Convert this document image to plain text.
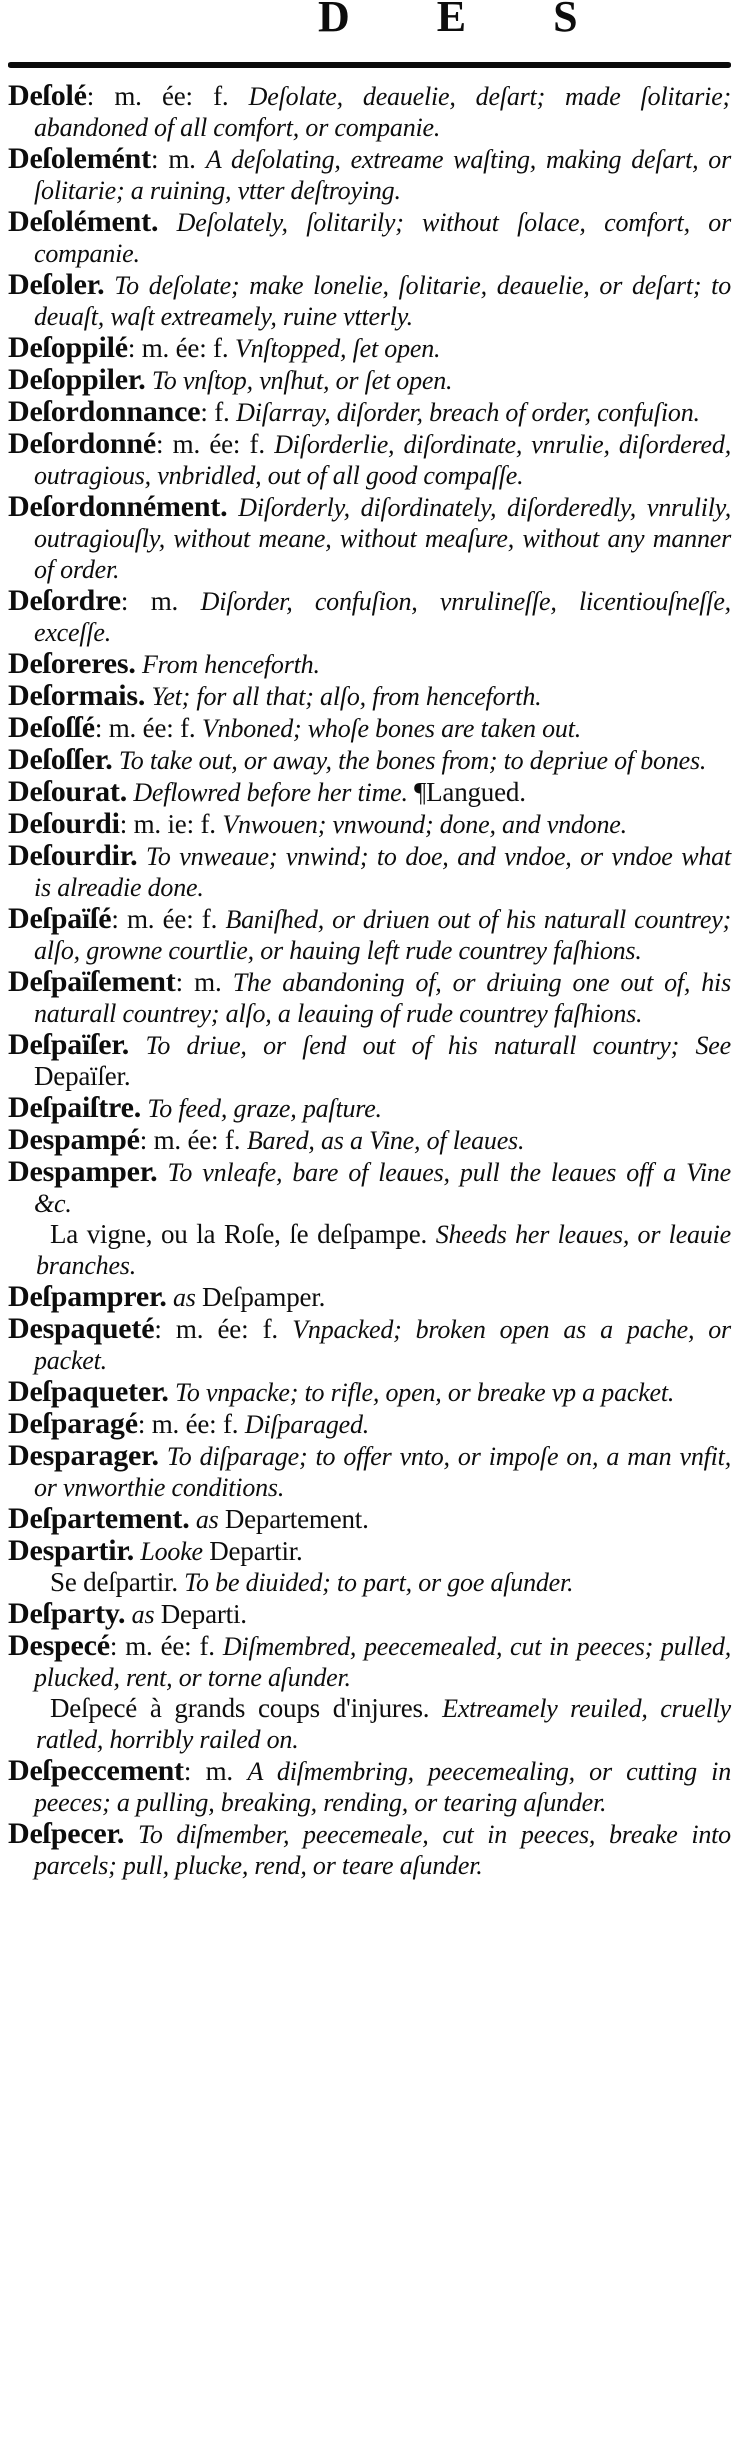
D E S

Deſolé: m. ée: f. Deſolate, deauelie, deſart; made ſolitarie; abandoned of all comfort, or companie.

Deſolemént: m. A deſolating, extreame waſting, making deſart, or ſolitarie; a ruining, vtter deſtroying.

Deſolément. Deſolately, ſolitarily; without ſolace, comfort, or companie.

Deſoler. To deſolate; make lonelie, ſolitarie, deauelie, or deſart; to deuaſt, waſt extreamely, ruine vtterly.

Deſoppilé: m. ée: f. Vnſtopped, ſet open.

Deſoppiler. To vnſtop, vnſhut, or ſet open.

Deſordonnance: f. Diſarray, diſorder, breach of order, confuſion.

Deſordonné: m. ée: f. Diſorderlie, diſordinate, vnrulie, diſordered, outragious, vnbridled, out of all good compaſſe.

Deſordonnément. Diſorderly, diſordinately, diſorderedly, vnrulily, outragiouſly, without meane, without meaſure, without any manner of order.

Deſordre: m. Diſorder, confuſion, vnrulineſſe, licentiouſneſſe, exceſſe.

Deſoreres. From henceforth.

Deſormais. Yet; for all that; alſo, from henceforth.

Deſoſſé: m. ée: f. Vnboned; whoſe bones are taken out.

Deſoſſer. To take out, or away, the bones from; to depriue of bones.

Deſourat. Deflowred before her time. ¶Langued.

Deſourdi: m. ie: f. Vnwouen; vnwound; done, and vndone.

Deſourdir. To vnweaue; vnwind; to doe, and vndoe, or vndoe what is alreadie done.

Deſpaïſé: m. ée: f. Baniſhed, or driuen out of his naturall countrey; alſo, growne courtlie, or hauing left rude countrey faſhions.

Deſpaïſement: m. The abandoning of, or driuing one out of, his naturall countrey; alſo, a leauing of rude countrey faſhions.

Deſpaïſer. To driue, or ſend out of his naturall country; See Depaïſer.

Deſpaiſtre. To feed, graze, paſture.

Despampé: m. ée: f. Bared, as a Vine, of leaues.

Despamper. To vnleafe, bare of leaues, pull the leaues off a Vine &c.

La vigne, ou la Roſe, ſe deſpampe. Sheeds her leaues, or leauie branches.

Deſpamprer. as Deſpamper.

Despaqueté: m. ée: f. Vnpacked; broken open as a pache, or packet.

Deſpaqueter. To vnpacke; to rifle, open, or breake vp a packet.

Deſparagé: m. ée: f. Diſparaged.

Desparager. To diſparage; to offer vnto, or impoſe on, a man vnfit, or vnworthie conditions.

Deſpartement. as Departement.

Despartir. Looke Departir.

Se deſpartir. To be diuided; to part, or goe aſunder.

Deſparty. as Departi.

Despecé: m. ée: f. Diſmembred, peecemealed, cut in peeces; pulled, plucked, rent, or torne aſunder.

Deſpecé à grands coups d'injures. Extreamely reuiled, cruelly ratled, horribly railed on.

Deſpeccement: m. A diſmembring, peecemealing, or cutting in peeces; a pulling, breaking, rending, or tearing aſunder.

Deſpecer. To diſmember, peecemeale, cut in peeces, breake into parcels; pull, plucke, rend, or teare aſunder.
